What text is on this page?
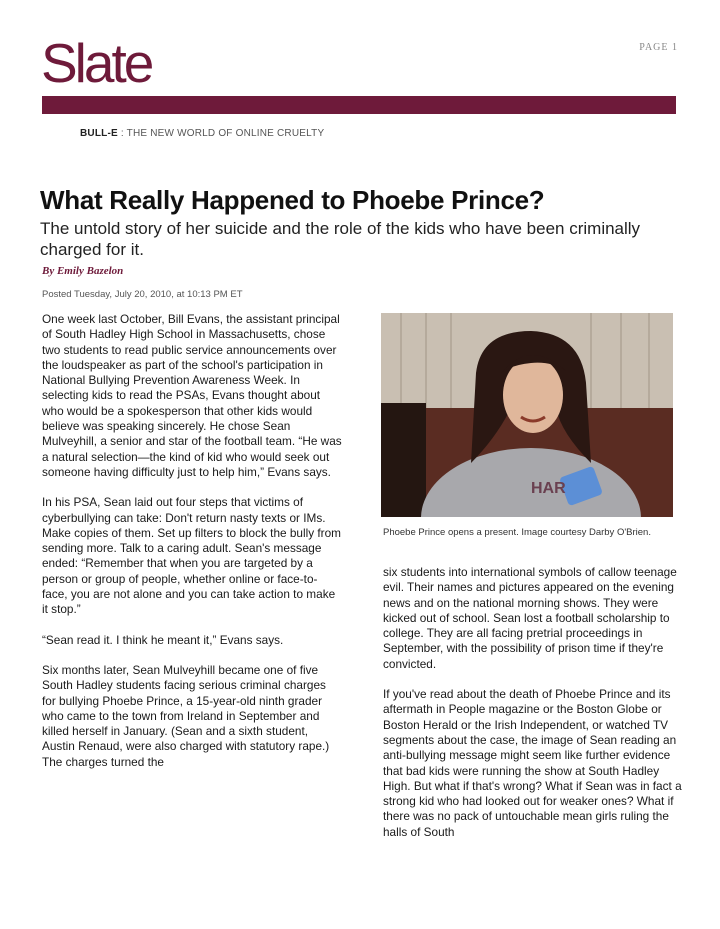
PAGE 1
Slate
BULL-E : THE NEW WORLD OF ONLINE CRUELTY
What Really Happened to Phoebe Prince?

The untold story of her suicide and the role of the kids who have been criminally charged for it.

By Emily Bazelon
Posted Tuesday, July 20, 2010, at 10:13 PM ET

One week last October, Bill Evans, the assistant principal of South Hadley High School in Massachusetts, chose two students to read public service announcements over the loudspeaker as part of the school's participation in National Bullying Prevention Awareness Week. In selecting kids to read the PSAs, Evans thought about who would be a spokesperson that other kids would believe was speaking sincerely. He chose Sean Mulveyhill, a senior and star of the football team. “He was a natural selection—the kind of kid who would seek out someone having difficulty just to help him,” Evans says.

In his PSA, Sean laid out four steps that victims of cyberbullying can take: Don't return nasty texts or IMs. Make copies of them. Set up filters to block the bully from sending more. Talk to a caring adult. Sean's message ended: “Remember that when you are targeted by a person or group of people, whether online or face-to-face, you are not alone and you can take action to make it stop.”

“Sean read it. I think he meant it,” Evans says.

Six months later, Sean Mulveyhill became one of five South Hadley students facing serious criminal charges for bullying Phoebe Prince, a 15-year-old ninth grader who came to the town from Ireland in September and killed herself in January. (Sean and a sixth student, Austin Renaud, were also charged with statutory rape.) The charges turned the

HAR
Phoebe Prince opens a present. Image courtesy Darby O'Brien.

six students into international symbols of callow teenage evil. Their names and pictures appeared on the evening news and on the national morning shows. They were kicked out of school. Sean lost a football scholarship to college. They are all facing pretrial proceedings in September, with the possibility of prison time if they're convicted.

If you've read about the death of Phoebe Prince and its aftermath in People magazine or the Boston Globe or Boston Herald or the Irish Independent, or watched TV segments about the case, the image of Sean reading an anti-bullying message might seem like further evidence that bad kids were running the show at South Hadley High. But what if that's wrong? What if Sean was in fact a strong kid who had looked out for weaker ones? What if there was no pack of untouchable mean girls ruling the halls of South
